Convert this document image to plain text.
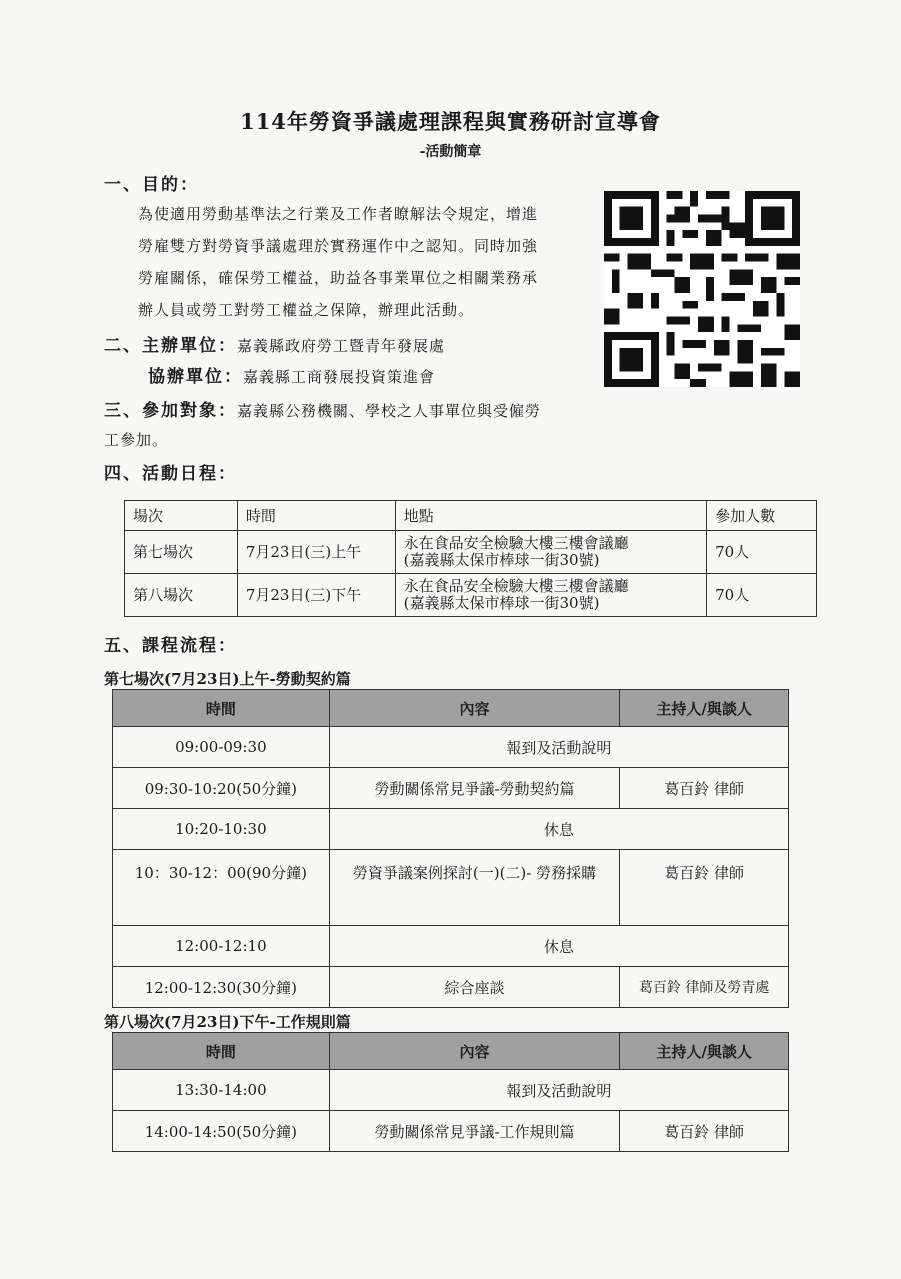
114年勞資爭議處理課程與實務研討宣導會
-活動簡章
一、目的：
為使適用勞動基準法之行業及工作者瞭解法令規定，增進
勞雇雙方對勞資爭議處理於實務運作中之認知。同時加強
勞雇關係，確保勞工權益，助益各事業單位之相關業務承
辦人員或勞工對勞工權益之保障，辦理此活動。
二、主辦單位：嘉義縣政府勞工暨青年發展處
協辦單位：嘉義縣工商發展投資策進會
三、參加對象：嘉義縣公務機關、學校之人事單位與受僱勞
工參加。
四、活動日程：
場次	時間	地點	參加人數
第七場次	7月23日(三)上午	永在食品安全檢驗大樓三樓會議廳
(嘉義縣太保市棒球一街30號)	70人
第八場次	7月23日(三)下午	永在食品安全檢驗大樓三樓會議廳
(嘉義縣太保市棒球一街30號)	70人
五、課程流程：
第七場次(7月23日)上午-勞動契約篇
時間	內容	主持人/與談人
09:00-09:30	報到及活動說明	
09:30-10:20(50分鐘)	勞動關係常見爭議-勞動契約篇	葛百鈴 律師
10:20-10:30	休息	
10：30-12：00(90分鐘)	勞資爭議案例探討(一)(二)- 勞務採購	葛百鈴 律師
12:00-12:10	休息	
12:00-12:30(30分鐘)	綜合座談	葛百鈴 律師及勞青處
第八場次(7月23日)下午-工作規則篇
時間	內容	主持人/與談人
13:30-14:00	報到及活動說明	
14:00-14:50(50分鐘)	勞動關係常見爭議-工作規則篇	葛百鈴 律師
